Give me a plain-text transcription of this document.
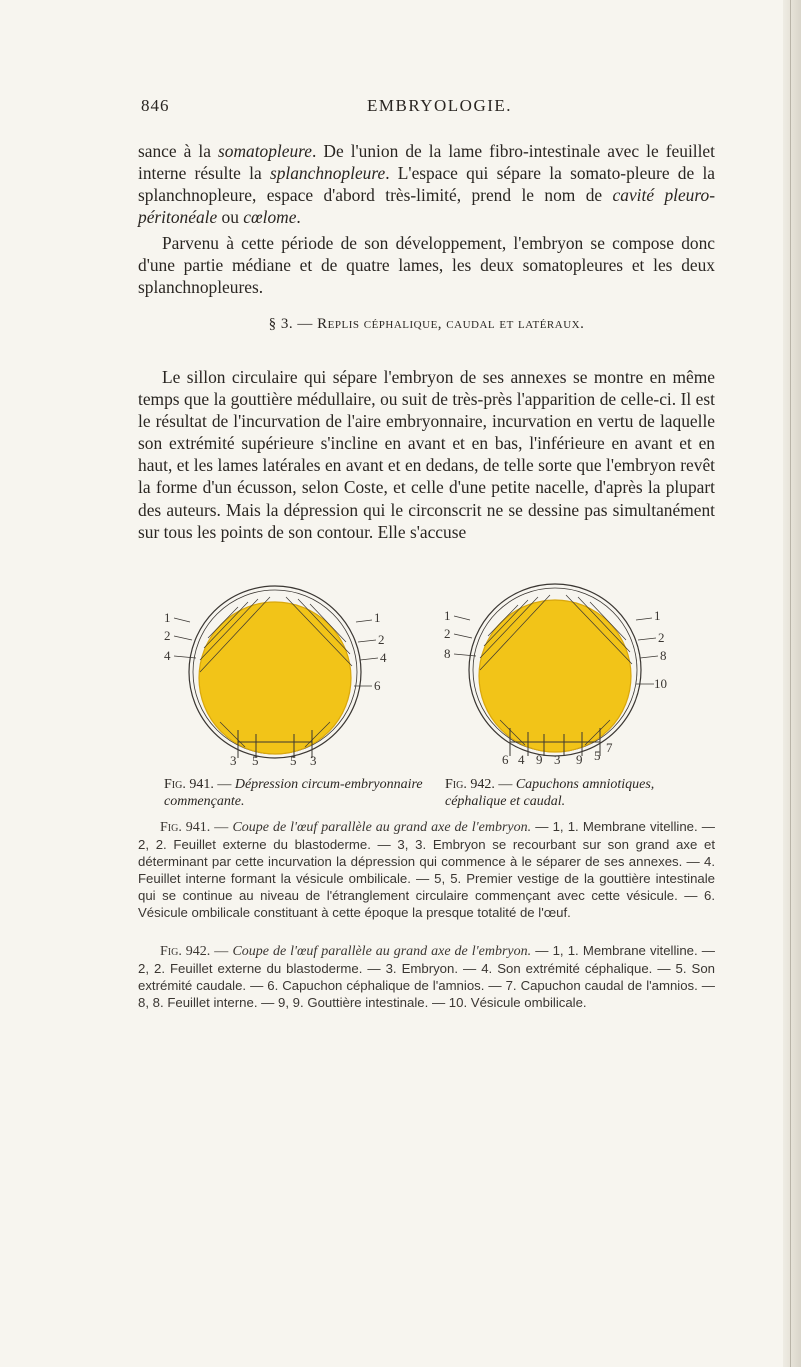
846	EMBRYOLOGIE.
sance à la somatopleure. De l'union de la lame fibro-intestinale avec le feuillet interne résulte la splanchnopleure. L'espace qui sépare la somato-pleure de la splanchnopleure, espace d'abord très-limité, prend le nom de cavité pleuro-péritonéale ou cœlome.
Parvenu à cette période de son développement, l'embryon se compose donc d'une partie médiane et de quatre lames, les deux somatopleures et les deux splanchnopleures.
§ 3. — Replis céphalique, caudal et latéraux.
Le sillon circulaire qui sépare l'embryon de ses annexes se montre en même temps que la gouttière médullaire, ou suit de très-près l'apparition de celle-ci. Il est le résultat de l'incurvation de l'aire embryonnaire, incurvation en vertu de laquelle son extrémité supérieure s'incline en avant et en bas, l'inférieure en avant et en haut, et les lames latérales en avant et en dedans, de telle sorte que l'embryon revêt la forme d'un écusson, selon Coste, et celle d'une petite nacelle, d'après la plupart des auteurs. Mais la dépression qui le circonscrit ne se dessine pas simultanément sur tous les points de son contour. Elle s'accuse
1
2
4
1
2
4
6
3 5 5 3
1
2
8
1
2
8
10
6 4 9 3 9 5
7
Fig. 941. — Dépression circum-embryonnaire commençante.
Fig. 942. — Capuchons amniotiques, céphalique et caudal.
Fig. 941. — Coupe de l'œuf parallèle au grand axe de l'embryon. — 1, 1. Membrane vitelline. — 2, 2. Feuillet externe du blastoderme. — 3, 3. Embryon se recourbant sur son grand axe et déterminant par cette incurvation la dépression qui commence à le séparer de ses annexes. — 4. Feuillet interne formant la vésicule ombilicale. — 5, 5. Premier vestige de la gouttière intestinale qui se continue au niveau de l'étranglement circulaire commençant avec cette vésicule. — 6. Vésicule ombilicale constituant à cette époque la presque totalité de l'œuf.
Fig. 942. — Coupe de l'œuf parallèle au grand axe de l'embryon. — 1, 1. Membrane vitelline. — 2, 2. Feuillet externe du blastoderme. — 3. Embryon. — 4. Son extrémité céphalique. — 5. Son extrémité caudale. — 6. Capuchon céphalique de l'amnios. — 7. Capuchon caudal de l'amnios. — 8, 8. Feuillet interne. — 9, 9. Gouttière intestinale. — 10. Vésicule ombilicale.
